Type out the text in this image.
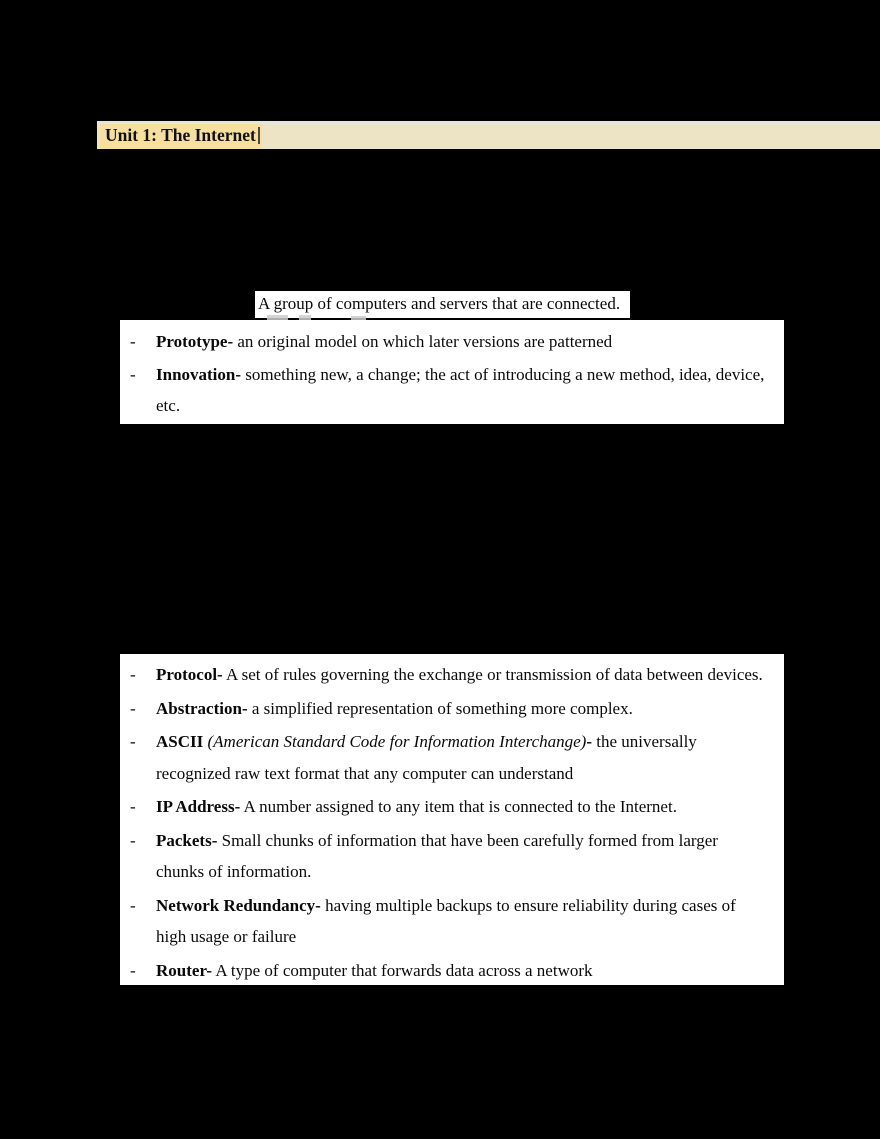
Unit 1: The Internet
A group of computers and servers that are connected.
- Prototype- an original model on which later versions are patterned
- Innovation- something new, a change; the act of introducing a new method, idea, device,
etc.
- Protocol- A set of rules governing the exchange or transmission of data between devices.
- Abstraction- a simplified representation of something more complex.
- ASCII (American Standard Code for Information Interchange)- the universally
recognized raw text format that any computer can understand
- IP Address- A number assigned to any item that is connected to the Internet.
- Packets- Small chunks of information that have been carefully formed from larger
chunks of information.
- Network Redundancy- having multiple backups to ensure reliability during cases of
high usage or failure
- Router- A type of computer that forwards data across a network
